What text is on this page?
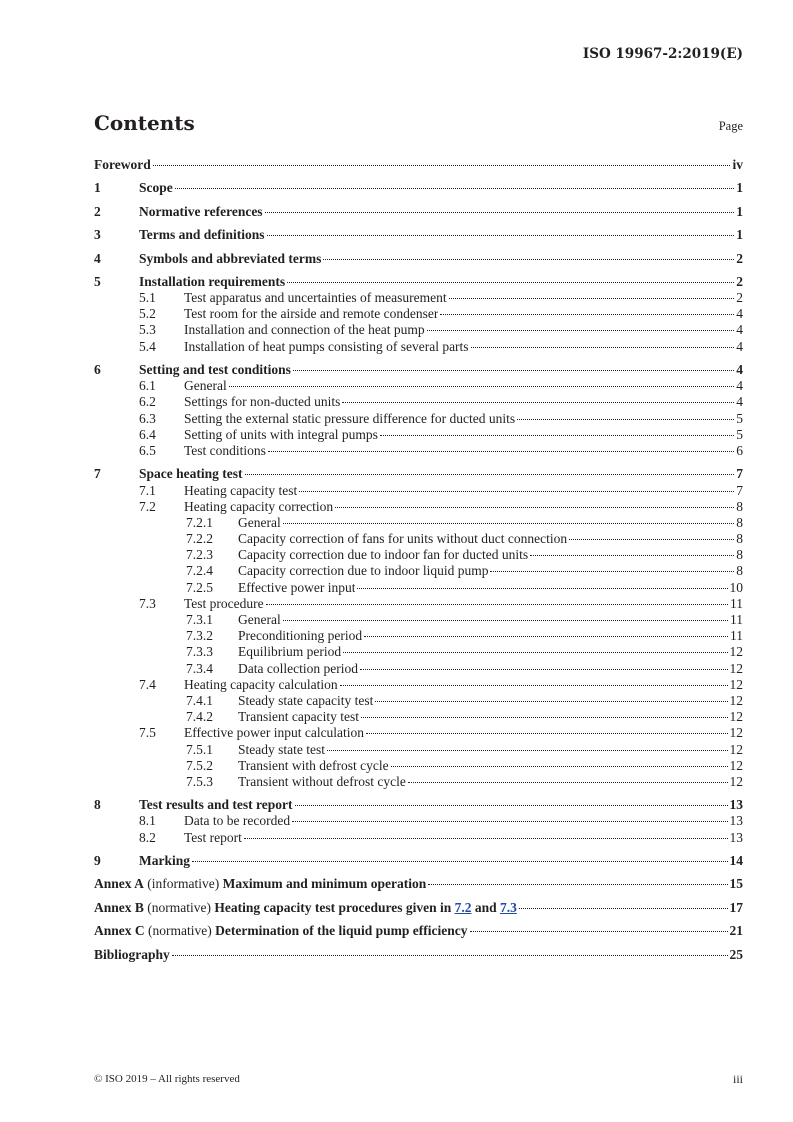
ISO 19967-2:2019(E)
Contents	Page
Foreword	iv
1	Scope	1
2	Normative references	1
3	Terms and definitions	1
4	Symbols and abbreviated terms	2
5	Installation requirements	2
5.1	Test apparatus and uncertainties of measurement	2
5.2	Test room for the airside and remote condenser	4
5.3	Installation and connection of the heat pump	4
5.4	Installation of heat pumps consisting of several parts	4
6	Setting and test conditions	4
6.1	General	4
6.2	Settings for non-ducted units	4
6.3	Setting the external static pressure difference for ducted units	5
6.4	Setting of units with integral pumps	5
6.5	Test conditions	6
7	Space heating test	7
7.1	Heating capacity test	7
7.2	Heating capacity correction	8
7.2.1	General	8
7.2.2	Capacity correction of fans for units without duct connection	8
7.2.3	Capacity correction due to indoor fan for ducted units	8
7.2.4	Capacity correction due to indoor liquid pump	8
7.2.5	Effective power input	10
7.3	Test procedure	11
7.3.1	General	11
7.3.2	Preconditioning period	11
7.3.3	Equilibrium period	12
7.3.4	Data collection period	12
7.4	Heating capacity calculation	12
7.4.1	Steady state capacity test	12
7.4.2	Transient capacity test	12
7.5	Effective power input calculation	12
7.5.1	Steady state test	12
7.5.2	Transient with defrost cycle	12
7.5.3	Transient without defrost cycle	12
8	Test results and test report	13
8.1	Data to be recorded	13
8.2	Test report	13
9	Marking	14
Annex A (informative) Maximum and minimum operation	15
Annex B (normative) Heating capacity test procedures given in 7.2 and 7.3	17
Annex C (normative) Determination of the liquid pump efficiency	21
Bibliography	25
© ISO 2019 – All rights reserved	iii
